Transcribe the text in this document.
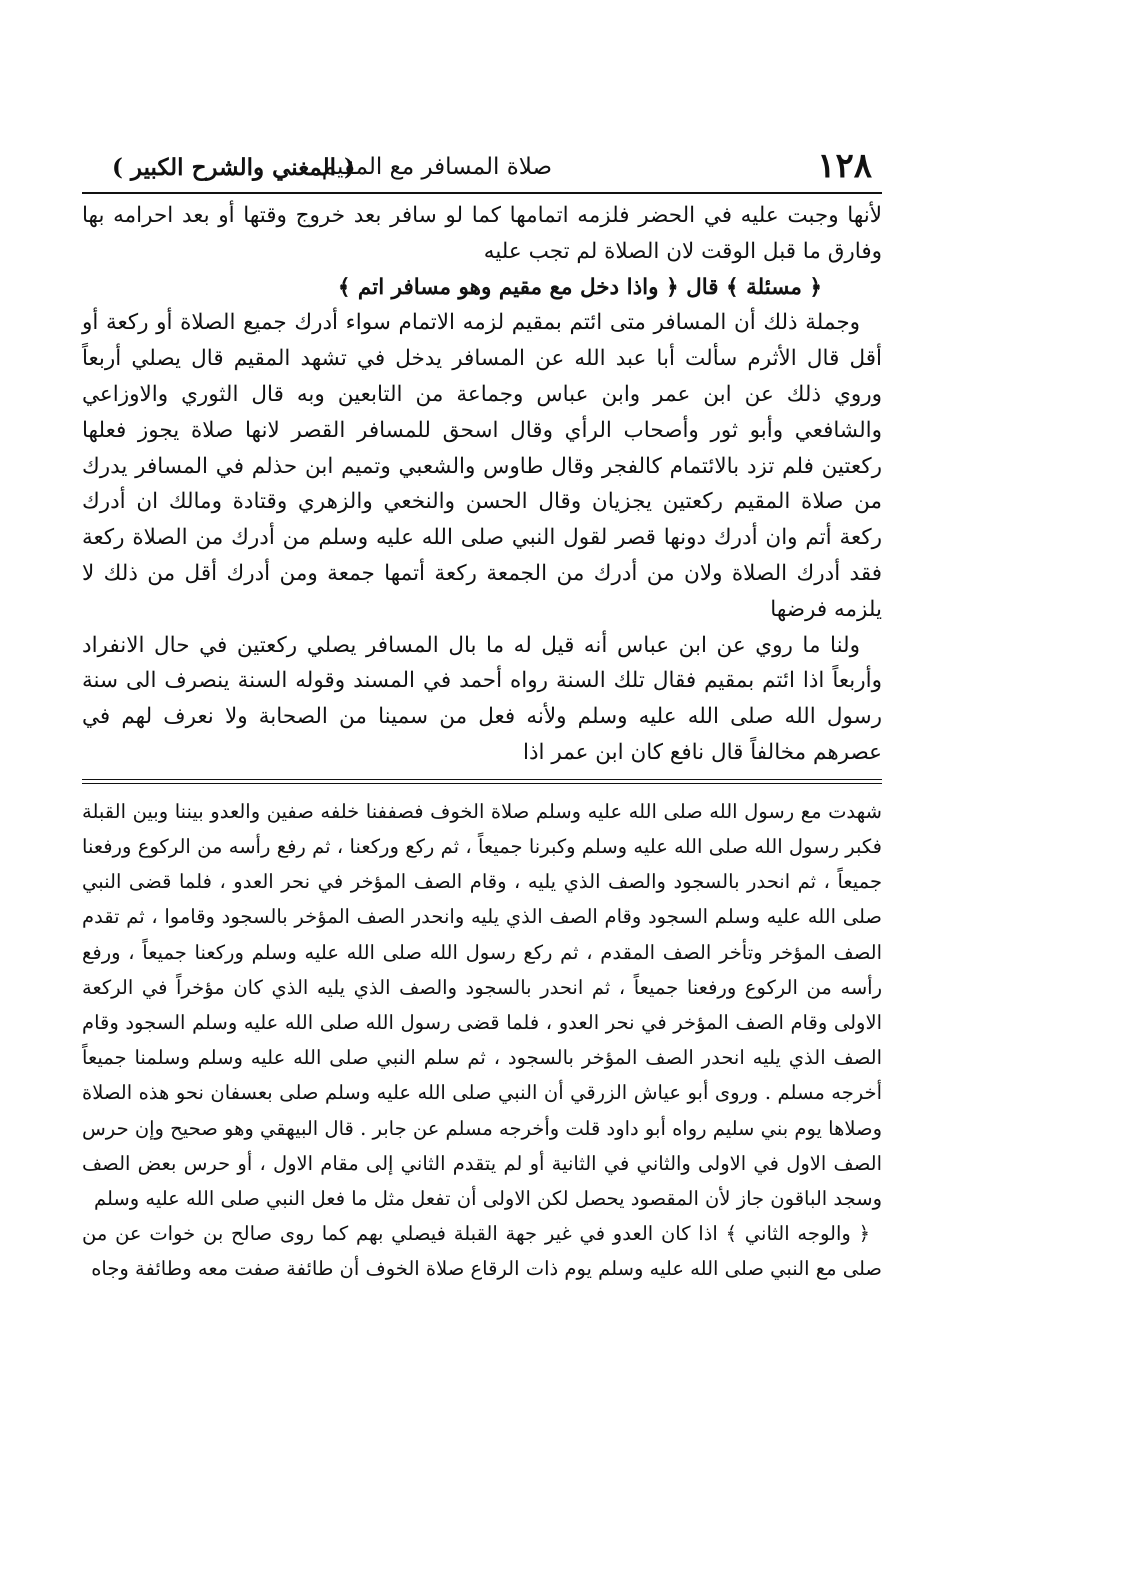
١٢٨
صلاة المسافر مع المقيم
( المغني والشرح الكبير )

لأنها وجبت عليه في الحضر فلزمه اتمامها كما لو سافر بعد خروج وقتها أو بعد احرامه بها وفارق ما قبل الوقت لان الصلاة لم تجب عليه

﴿ مسئلة ﴾ قال ﴿ واذا دخل مع مقيم وهو مسافر اتم ﴾

وجملة ذلك أن المسافر متى ائتم بمقيم لزمه الاتمام سواء أدرك جميع الصلاة أو ركعة أو أقل قال الأثرم سألت أبا عبد الله عن المسافر يدخل في تشهد المقيم قال يصلي أربعاً وروي ذلك عن ابن عمر وابن عباس وجماعة من التابعين وبه قال الثوري والاوزاعي والشافعي وأبو ثور وأصحاب الرأي وقال اسحق للمسافر القصر لانها صلاة يجوز فعلها ركعتين فلم تزد بالائتمام كالفجر وقال طاوس والشعبي وتميم ابن حذلم في المسافر يدرك من صلاة المقيم ركعتين يجزيان وقال الحسن والنخعي والزهري وقتادة ومالك ان أدرك ركعة أتم وان أدرك دونها قصر لقول النبي صلى الله عليه وسلم من أدرك من الصلاة ركعة فقد أدرك الصلاة ولان من أدرك من الجمعة ركعة أتمها جمعة ومن أدرك أقل من ذلك لا يلزمه فرضها

ولنا ما روي عن ابن عباس أنه قيل له ما بال المسافر يصلي ركعتين في حال الانفراد وأربعاً اذا ائتم بمقيم فقال تلك السنة رواه أحمد في المسند وقوله السنة ينصرف الى سنة رسول الله صلى الله عليه وسلم ولأنه فعل من سمينا من الصحابة ولا نعرف لهم في عصرهم مخالفاً قال نافع كان ابن عمر اذا

شهدت مع رسول الله صلى الله عليه وسلم صلاة الخوف فصففنا خلفه صفين والعدو بيننا وبين القبلة فكبر رسول الله صلى الله عليه وسلم وكبرنا جميعاً ، ثم ركع وركعنا ، ثم رفع رأسه من الركوع ورفعنا جميعاً ، ثم انحدر بالسجود والصف الذي يليه ، وقام الصف المؤخر في نحر العدو ، فلما قضى النبي صلى الله عليه وسلم السجود وقام الصف الذي يليه وانحدر الصف المؤخر بالسجود وقاموا ، ثم تقدم الصف المؤخر وتأخر الصف المقدم ، ثم ركع رسول الله صلى الله عليه وسلم وركعنا جميعاً ، ورفع رأسه من الركوع ورفعنا جميعاً ، ثم انحدر بالسجود والصف الذي يليه الذي كان مؤخراً في الركعة الاولى وقام الصف المؤخر في نحر العدو ، فلما قضى رسول الله صلى الله عليه وسلم السجود وقام الصف الذي يليه انحدر الصف المؤخر بالسجود ، ثم سلم النبي صلى الله عليه وسلم وسلمنا جميعاً أخرجه مسلم . وروى أبو عياش الزرقي أن النبي صلى الله عليه وسلم صلى بعسفان نحو هذه الصلاة وصلاها يوم بني سليم رواه أبو داود قلت وأخرجه مسلم عن جابر . قال البيهقي وهو صحيح وإن حرس الصف الاول في الاولى والثاني في الثانية أو لم يتقدم الثاني إلى مقام الاول ، أو حرس بعض الصف وسجد الباقون جاز لأن المقصود يحصل لكن الاولى أن تفعل مثل ما فعل النبي صلى الله عليه وسلم

﴿ والوجه الثاني ﴾ اذا كان العدو في غير جهة القبلة فيصلي بهم كما روى صالح بن خوات عن من صلى مع النبي صلى الله عليه وسلم يوم ذات الرقاع صلاة الخوف أن طائفة صفت معه وطائفة وجاه
